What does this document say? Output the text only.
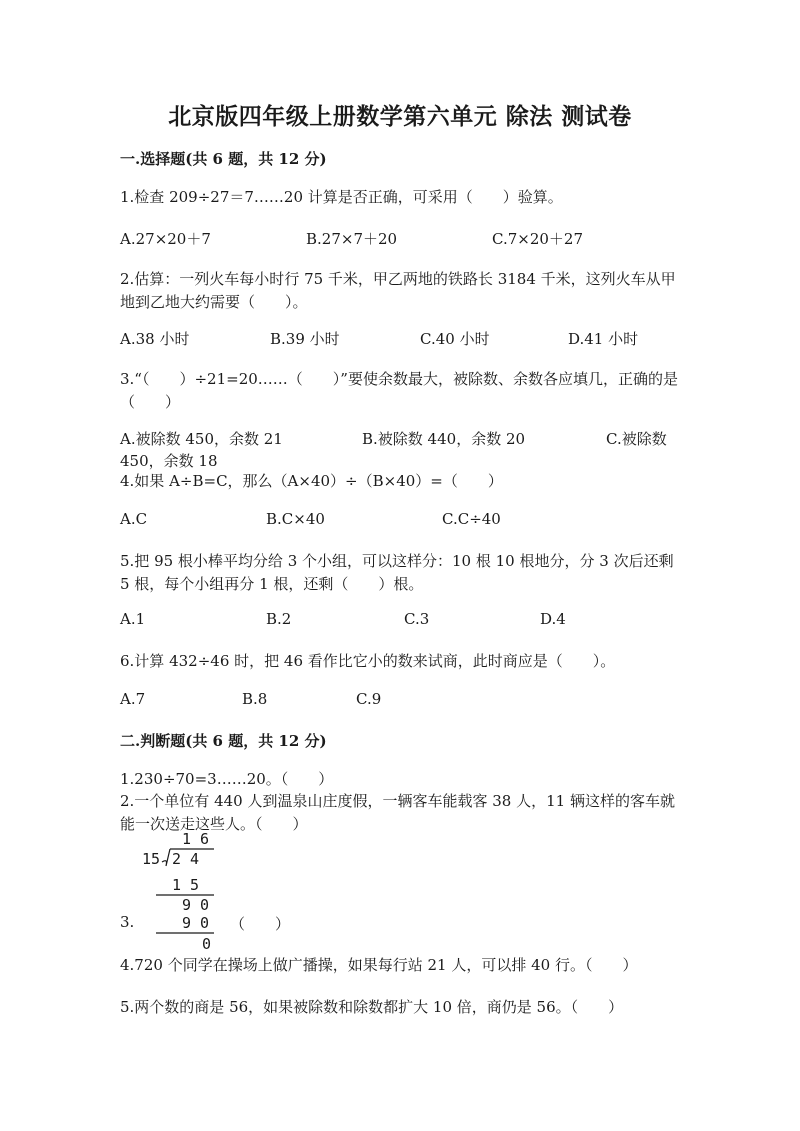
北京版四年级上册数学第六单元 除法 测试卷
一.选择题(共 6 题，共 12 分)
1.检查 209÷27＝7……20 计算是否正确，可采用（　　）验算。
A.27×20＋7	B.27×7＋20	C.7×20＋27
2.估算：一列火车每小时行 75 千米，甲乙两地的铁路长 3184 千米，这列火车从甲地到乙地大约需要（　　）。
A.38 小时	B.39 小时	C.40 小时	D.41 小时
3.“（　　）÷21=20……（　　）”要使余数最大，被除数、余数各应填几，正确的是（　　）
A.被除数 450，余数 21	B.被除数 440，余数 20	C.被除数
450，余数 18
4.如果 A÷B=C，那么（A×40）÷（B×40）=（　　）
A.C	B.C×40	C.C÷40
5.把 95 根小棒平均分给 3 个小组，可以这样分：10 根 10 根地分，分 3 次后还剩 5 根，每个小组再分 1 根，还剩（　　）根。
A.1	B.2	C.3	D.4
6.计算 432÷46 时，把 46 看作比它小的数来试商，此时商应是（　　）。
A.7	B.8	C.9
二.判断题(共 6 题，共 12 分)
1.230÷70=3……20。（　　）
2.一个单位有 440 人到温泉山庄度假，一辆客车能载客 38 人，11 辆这样的客车就能一次送走这些人。（　　）
1 6
15 2 4
1 5
9 0
9 0
0
3.	（　　）
4.720 个同学在操场上做广播操，如果每行站 21 人，可以排 40 行。（　　）
5.两个数的商是 56，如果被除数和除数都扩大 10 倍，商仍是 56。（　　）
